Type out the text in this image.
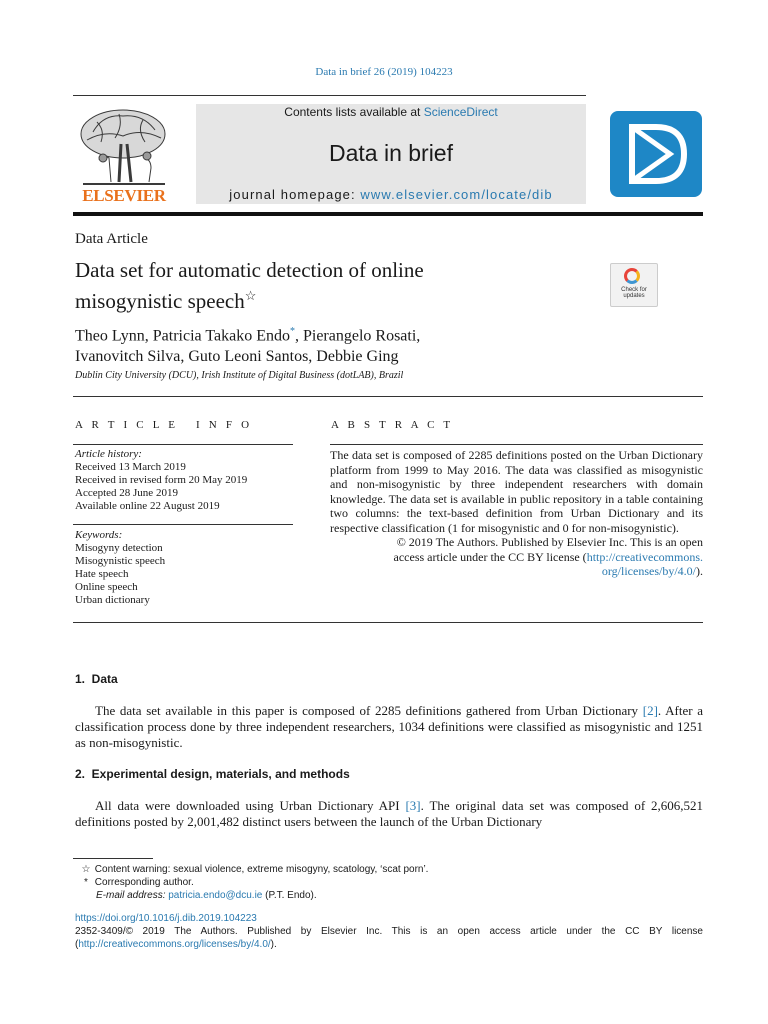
Data in brief 26 (2019) 104223
ELSEVIER
Contents lists available at ScienceDirect
Data in brief
journal homepage: www.elsevier.com/locate/dib
Data Article
Data set for automatic detection of online
misogynistic speech☆	Check for updates
Theo Lynn, Patricia Takako Endo*, Pierangelo Rosati,
Ivanovitch Silva, Guto Leoni Santos, Debbie Ging
Dublin City University (DCU), Irish Institute of Digital Business (dotLAB), Brazil
A R T I C L E   I N F O	A B S T R A C T
Article history:
Received 13 March 2019
Received in revised form 20 May 2019
Accepted 28 June 2019
Available online 22 August 2019
Keywords:
Misogyny detection
Misogynistic speech
Hate speech
Online speech
Urban dictionary

The data set is composed of 2285 definitions posted on the Urban Dictionary platform from 1999 to May 2016. The data was classified as misogynistic and non-misogynistic by three independent researchers with domain knowledge. The data set is available in public repository in a table containing two columns: the text-based definition from Urban Dictionary and its respective classification (1 for misogynistic and 0 for non-misogynistic).

© 2019 The Authors. Published by Elsevier Inc. This is an open
access article under the CC BY license (http://creativecommons.
org/licenses/by/4.0/).

1.  Data

The data set available in this paper is composed of 2285 definitions gathered from Urban Dictionary [2]. After a classification process done by three independent researchers, 1034 definitions were classified as misogynistic and 1251 as non-misogynistic.

2.  Experimental design, materials, and methods

All data were downloaded using Urban Dictionary API [3]. The original data set was composed of 2,606,521 definitions posted by 2,001,482 distinct users between the launch of the Urban Dictionary

☆ Content warning: sexual violence, extreme misogyny, scatology, ‘scat porn’.
* Corresponding author.
E-mail address: patricia.endo@dcu.ie (P.T. Endo).
https://doi.org/10.1016/j.dib.2019.104223
2352-3409/© 2019 The Authors. Published by Elsevier Inc. This is an open access article under the CC BY license (http://creativecommons.org/licenses/by/4.0/).
